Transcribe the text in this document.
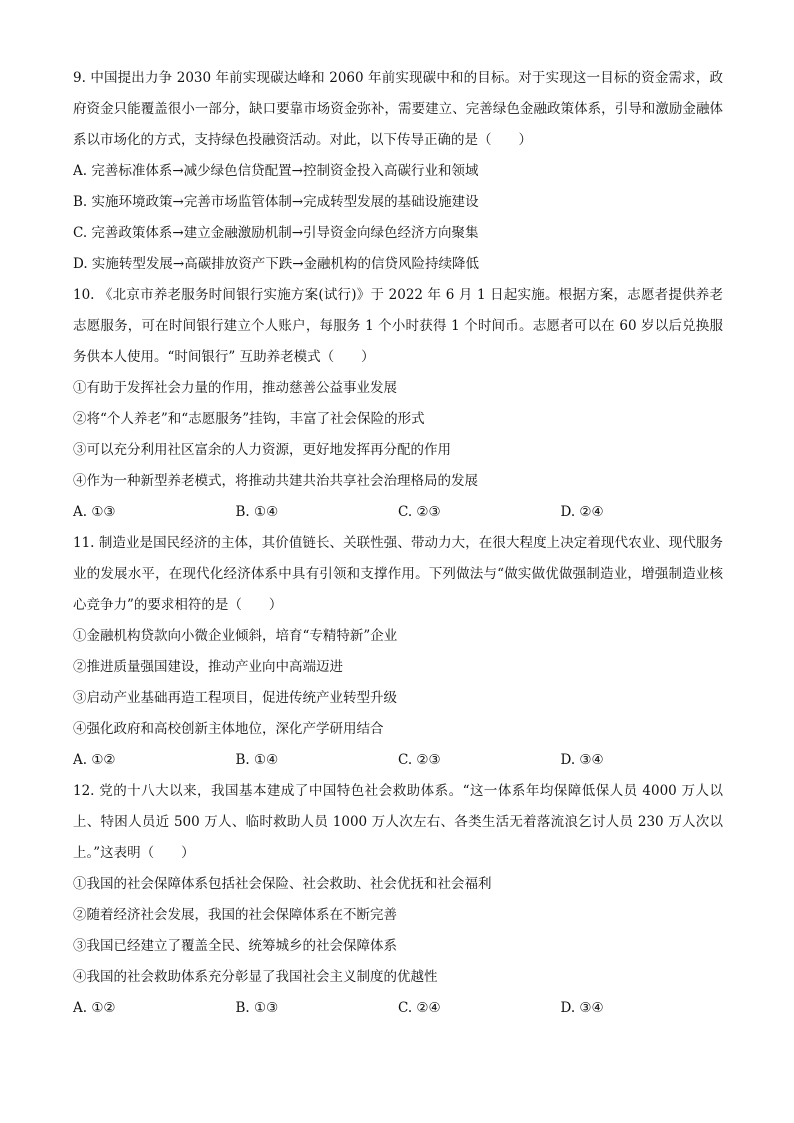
9. 中国提出力争 2030 年前实现碳达峰和 2060 年前实现碳中和的目标。对于实现这一目标的资金需求，政府资金只能覆盖很小一部分，缺口要靠市场资金弥补，需要建立、完善绿色金融政策体系，引导和激励金融体系以市场化的方式，支持绿色投融资活动。对此，以下传导正确的是（　　）
A. 完善标准体系→减少绿色信贷配置→控制资金投入高碳行业和领域
B. 实施环境政策→完善市场监管体制→完成转型发展的基础设施建设
C. 完善政策体系→建立金融激励机制→引导资金向绿色经济方向聚集
D. 实施转型发展→高碳排放资产下跌→金融机构的信贷风险持续降低
10. 《北京市养老服务时间银行实施方案(试行)》于 2022 年 6 月 1 日起实施。根据方案，志愿者提供养老志愿服务，可在时间银行建立个人账户，每服务 1 个小时获得 1 个时间币。志愿者可以在 60 岁以后兑换服务供本人使用。“时间银行” 互助养老模式（　　）
①有助于发挥社会力量的作用，推动慈善公益事业发展
②将“个人养老”和“志愿服务”挂钩，丰富了社会保险的形式
③可以充分利用社区富余的人力资源，更好地发挥再分配的作用
④作为一种新型养老模式，将推动共建共治共享社会治理格局的发展
A. ①③	B. ①④	C. ②③	D. ②④
11. 制造业是国民经济的主体，其价值链长、关联性强、带动力大，在很大程度上决定着现代农业、现代服务业的发展水平，在现代化经济体系中具有引领和支撑作用。下列做法与“做实做优做强制造业，增强制造业核心竞争力”的要求相符的是（　　）
①金融机构贷款向小微企业倾斜，培育“专精特新”企业
②推进质量强国建设，推动产业向中高端迈进
③启动产业基础再造工程项目，促进传统产业转型升级
④强化政府和高校创新主体地位，深化产学研用结合
A. ①②	B. ①④	C. ②③	D. ③④
12. 党的十八大以来，我国基本建成了中国特色社会救助体系。“这一体系年均保障低保人员 4000 万人以上、特困人员近 500 万人、临时救助人员 1000 万人次左右、各类生活无着落流浪乞讨人员 230 万人次以上。”这表明（　　）
①我国的社会保障体系包括社会保险、社会救助、社会优抚和社会福利
②随着经济社会发展，我国的社会保障体系在不断完善
③我国已经建立了覆盖全民、统筹城乡的社会保障体系
④我国的社会救助体系充分彰显了我国社会主义制度的优越性
A. ①②	B. ①③	C. ②④	D. ③④
